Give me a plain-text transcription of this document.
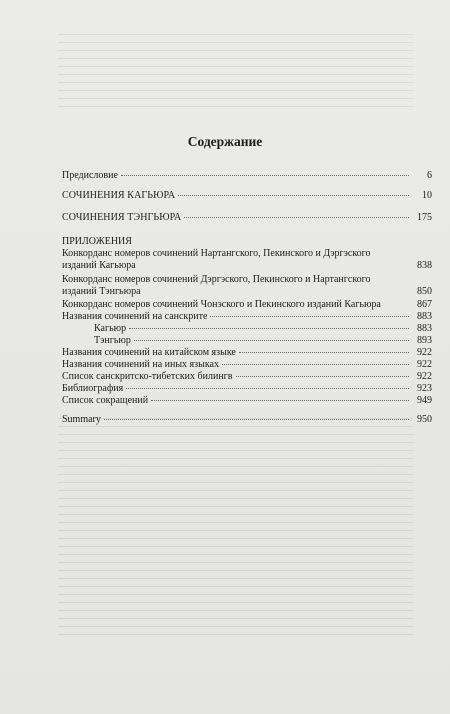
Содержание
Предисловие	6
СОЧИНЕНИЯ КАГЬЮРА	10
СОЧИНЕНИЯ ТЭНГЬЮРА	175
ПРИЛОЖЕНИЯ
Конкорданс номеров сочинений Нартангского, Пекинского и Дэргэского
изданий Кагьюра	838
Конкорданс номеров сочинений Дэргэского, Пекинского и Нартангского
изданий Тэнгьюра	850
Конкорданс номеров сочинений Чонэского и Пекинского изданий Кагьюра	867
Названия сочинений на санскрите	883
Кагьюр	883
Тэнгьюр	893
Названия сочинений на китайском языке	922
Названия сочинений на иных языках	922
Список санскритско-тибетских билингв	922
Библиография	923
Список сокращений	949
Summary	950
